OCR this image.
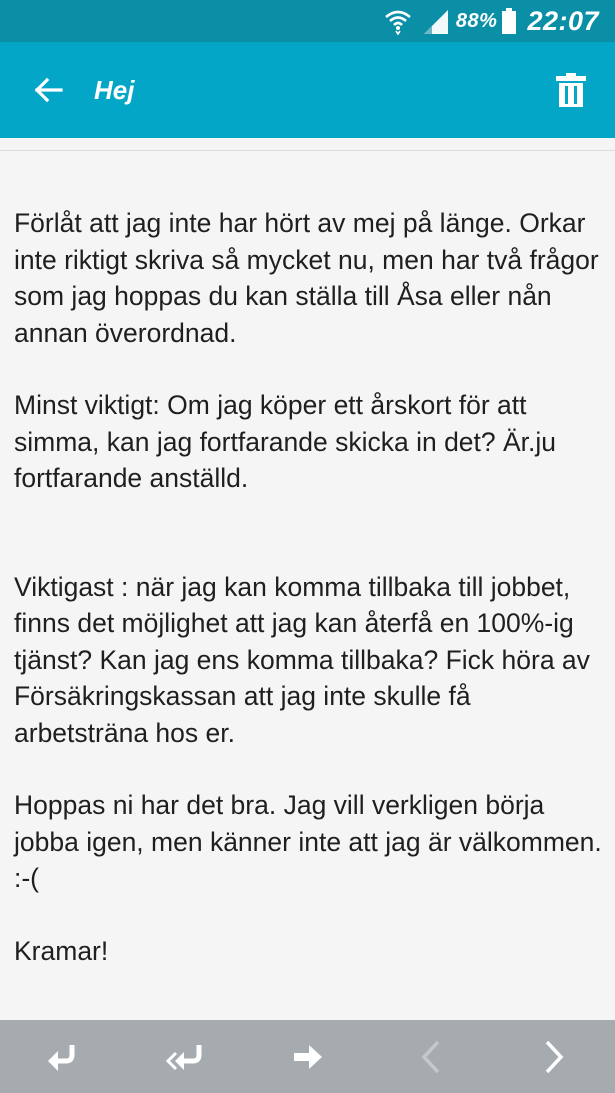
88% 22:07
Hej

Förlåt att jag inte har hört av mej på länge. Orkar inte riktigt skriva så mycket nu, men har två frågor som jag hoppas du kan ställa till Åsa eller nån annan överordnad.

Minst viktigt: Om jag köper ett årskort för att simma, kan jag fortfarande skicka in det? Är.ju fortfarande anställd.

Viktigast : när jag kan komma tillbaka till jobbet, finns det möjlighet att jag kan återfå en 100%-ig tjänst? Kan jag ens komma tillbaka? Fick höra av Försäkringskassan att jag inte skulle få arbetsträna hos er.

Hoppas ni har det bra. Jag vill verkligen börja jobba igen, men känner inte att jag är välkommen. :-(

Kramar!
